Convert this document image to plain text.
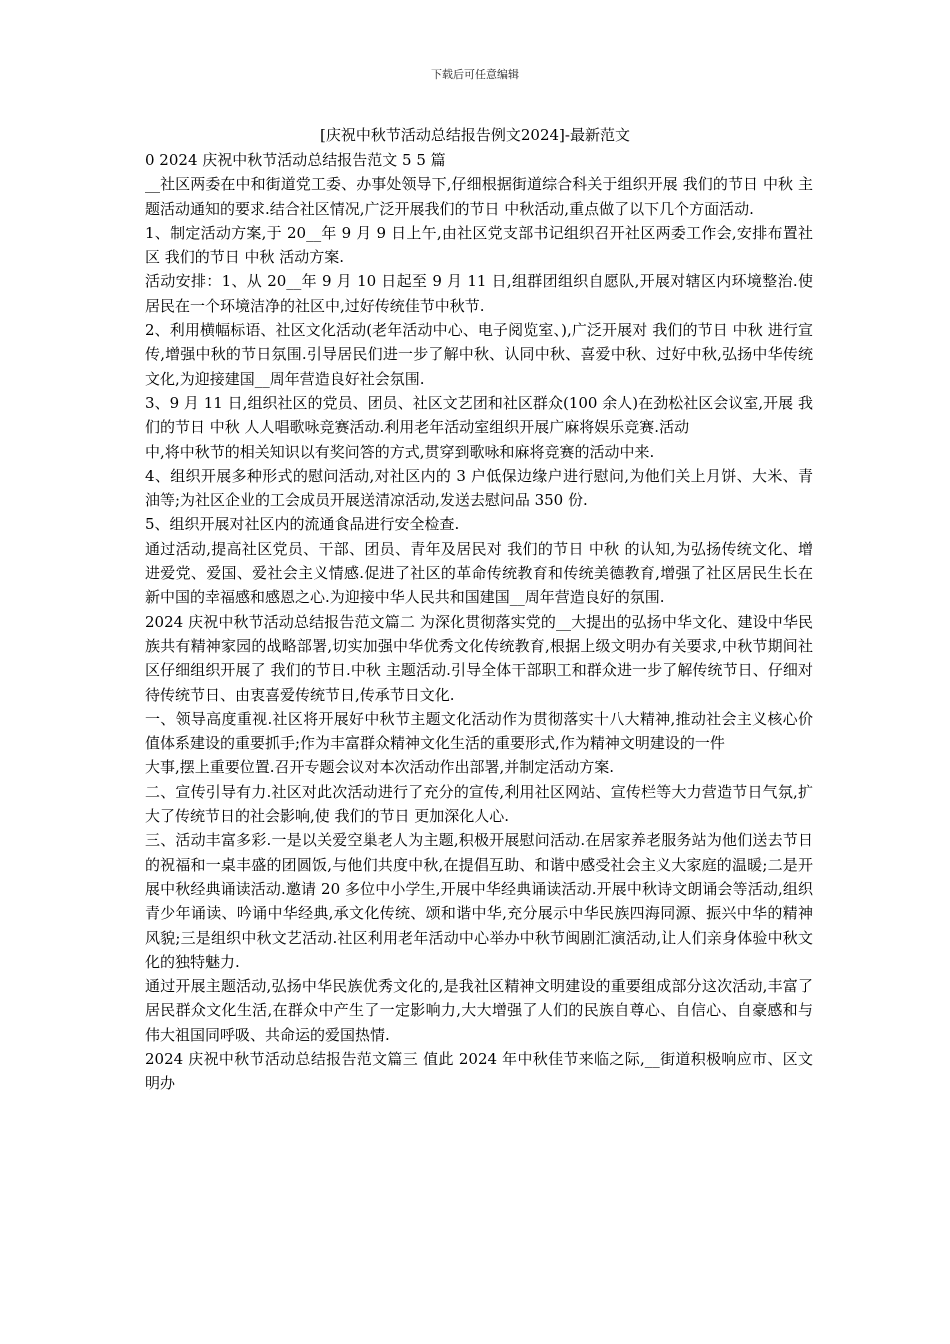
下载后可任意编辑
[庆祝中秋节活动总结报告例文2024]-最新范文

0 2024 庆祝中秋节活动总结报告范文 5 5 篇

__社区两委在中和街道党工委、办事处领导下,仔细根据街道综合科关于组织开展 我们的节日 中秋 主题活动通知的要求.结合社区情况,广泛开展我们的节日 中秋活动,重点做了以下几个方面活动.

1、制定活动方案,于 20__年 9 月 9 日上午,由社区党支部书记组织召开社区两委工作会,安排布置社区 我们的节日 中秋 活动方案.

活动安排：1、从 20__年 9 月 10 日起至 9 月 11 日,组群团组织自愿队,开展对辖区内环境整治.使居民在一个环境洁净的社区中,过好传统佳节中秋节.

2、利用横幅标语、社区文化活动(老年活动中心、电子阅览室、),广泛开展对 我们的节日 中秋 进行宣传,增强中秋的节日氛围.引导居民们进一步了解中秋、认同中秋、喜爱中秋、过好中秋,弘扬中华传统文化,为迎接建国__周年营造良好社会氛围.

3、9 月 11 日,组织社区的党员、团员、社区文艺团和社区群众(100 余人)在劲松社区会议室,开展 我们的节日 中秋 人人唱歌咏竞赛活动.利用老年活动室组织开展广麻将娱乐竞赛.活动

中,将中秋节的相关知识以有奖问答的方式,贯穿到歌咏和麻将竞赛的活动中来.

4、组织开展多种形式的慰问活动,对社区内的 3 户低保边缘户进行慰问,为他们关上月饼、大米、青油等;为社区企业的工会成员开展送清凉活动,发送去慰问品 350 份.

5、组织开展对社区内的流通食品进行安全检查.

通过活动,提高社区党员、干部、团员、青年及居民对 我们的节日 中秋 的认知,为弘扬传统文化、增进爱党、爱国、爱社会主义情感.促进了社区的革命传统教育和传统美德教育,增强了社区居民生长在新中国的幸福感和感恩之心.为迎接中华人民共和国建国__周年营造良好的氛围.

2024 庆祝中秋节活动总结报告范文篇二 为深化贯彻落实党的__大提出的弘扬中华文化、建设中华民族共有精神家园的战略部署,切实加强中华优秀文化传统教育,根据上级文明办有关要求,中秋节期间社区仔细组织开展了 我们的节日.中秋 主题活动.引导全体干部职工和群众进一步了解传统节日、仔细对待传统节日、由衷喜爱传统节日,传承节日文化.

一、领导高度重视.社区将开展好中秋节主题文化活动作为贯彻落实十八大精神,推动社会主义核心价值体系建设的重要抓手;作为丰富群众精神文化生活的重要形式,作为精神文明建设的一件

大事,摆上重要位置.召开专题会议对本次活动作出部署,并制定活动方案.

二、宣传引导有力.社区对此次活动进行了充分的宣传,利用社区网站、宣传栏等大力营造节日气氛,扩大了传统节日的社会影响,使 我们的节日 更加深化人心.

三、活动丰富多彩.一是以关爱空巢老人为主题,积极开展慰问活动.在居家养老服务站为他们送去节日的祝福和一桌丰盛的团圆饭,与他们共度中秋,在提倡互助、和谐中感受社会主义大家庭的温暖;二是开展中秋经典诵读活动.邀请 20 多位中小学生,开展中华经典诵读活动.开展中秋诗文朗诵会等活动,组织青少年诵读、吟诵中华经典,承文化传统、颂和谐中华,充分展示中华民族四海同源、振兴中华的精神风貌;三是组织中秋文艺活动.社区利用老年活动中心举办中秋节闽剧汇演活动,让人们亲身体验中秋文化的独特魅力.

通过开展主题活动,弘扬中华民族优秀文化的,是我社区精神文明建设的重要组成部分这次活动,丰富了居民群众文化生活,在群众中产生了一定影响力,大大增强了人们的民族自尊心、自信心、自豪感和与伟大祖国同呼吸、共命运的爱国热情.

2024 庆祝中秋节活动总结报告范文篇三 值此 2024 年中秋佳节来临之际,__街道积极响应市、区文明办
